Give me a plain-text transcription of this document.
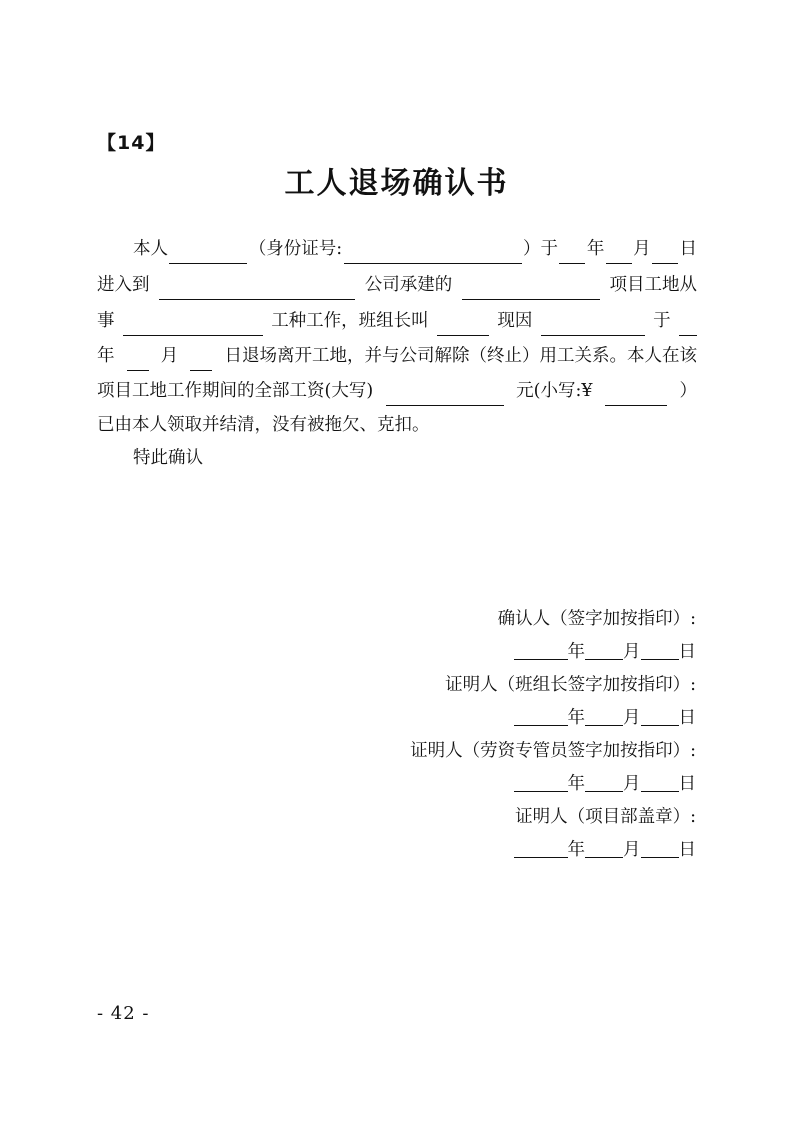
【14】
工人退场确认书
本人	（身份证号:	）于 年 月 日
进入到	公司承建的	项目工地从
事	工种工作，班组长叫	现因	于
年	月	日退场离开工地，并与公司解除（终止）用工关系。本人在该
项目工地工作期间的全部工资(大写)	元(小写:¥	）
已由本人领取并结清，没有被拖欠、克扣。
特此确认
确认人（签字加按指印）:
年 月 日
证明人（班组长签字加按指印）:
年 月 日
证明人（劳资专管员签字加按指印）:
年 月 日
证明人（项目部盖章）:
年 月 日
- 42 -
